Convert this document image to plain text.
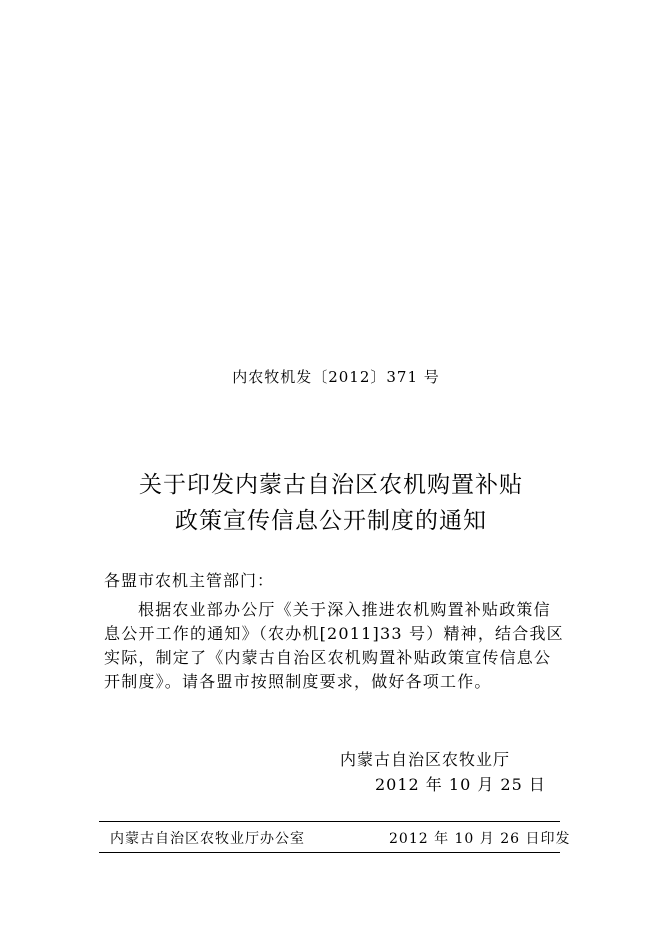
内农牧机发〔2012〕371 号
关于印发内蒙古自治区农机购置补贴
政策宣传信息公开制度的通知
各盟市农机主管部门：
根据农业部办公厅《关于深入推进农机购置补贴政策信
息公开工作的通知》（农办机[2011]33 号）精神，结合我区
实际，制定了《内蒙古自治区农机购置补贴政策宣传信息公
开制度》。请各盟市按照制度要求，做好各项工作。
内蒙古自治区农牧业厅
2012 年 10 月 25 日
内蒙古自治区农牧业厅办公室	2012 年 10 月 26 日印发
